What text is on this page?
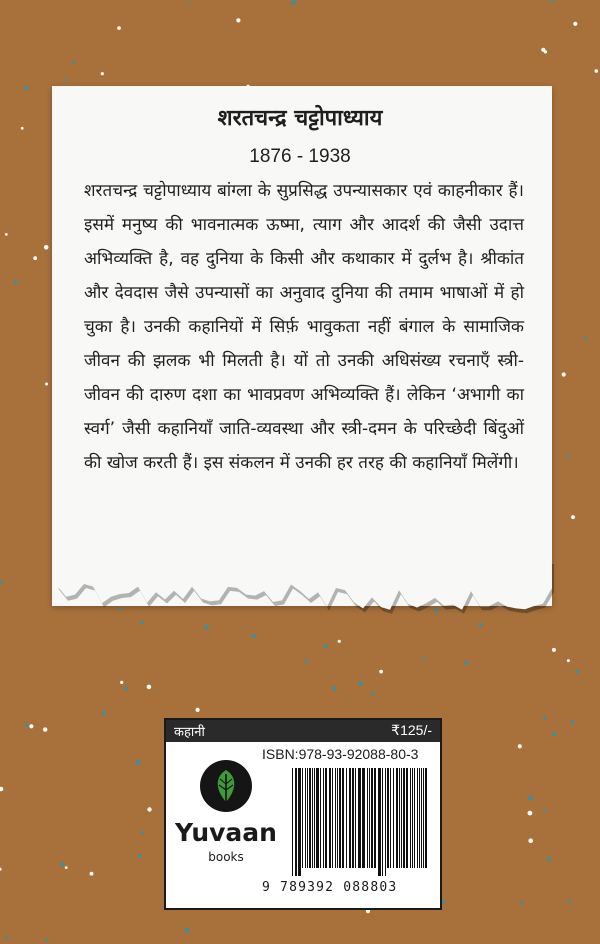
शरतचन्द्र चट्टोपाध्याय
1876 - 1938

शरतचन्द्र चट्टोपाध्याय बांग्ला के सुप्रसिद्ध उपन्यासकार एवं काहनीकार हैं। इसमें मनुष्य की भावनात्मक ऊष्मा, त्याग और आदर्श की जैसी उदात्त अभिव्यक्ति है, वह दुनिया के किसी और कथाकार में दुर्लभ है। श्रीकांत और देवदास जैसे उपन्यासों का अनुवाद दुनिया की तमाम भाषाओं में हो चुका है। उनकी कहानियों में सिर्फ़ भावुकता नहीं बंगाल के सामाजिक जीवन की झलक भी मिलती है। यों तो उनकी अधिसंख्य रचनाएँ स्त्री-जीवन की दारुण दशा का भावप्रवण अभिव्यक्ति हैं। लेकिन ‘अभागी का स्वर्ग’ जैसी कहानियाँ जाति-व्यवस्था और स्त्री-दमन के परिच्छेदी बिंदुओं की खोज करती हैं। इस संकलन में उनकी हर तरह की कहानियाँ मिलेंगी।

कहानी	₹125/-
Yuvaan
books
ISBN:978-93-92088-80-3
9 789392 088803
